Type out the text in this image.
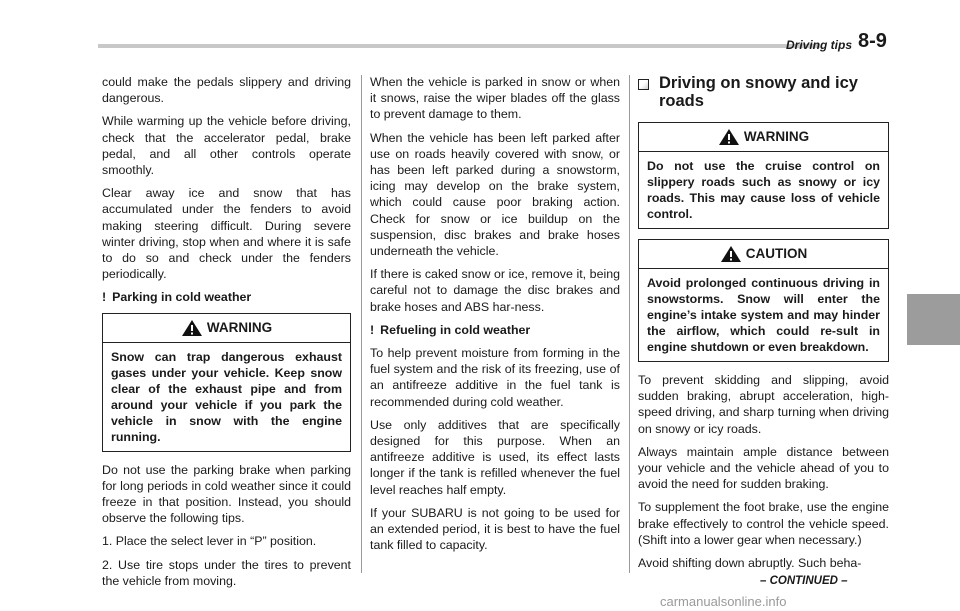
Driving tips 8-9

could make the pedals slippery and driving dangerous.

While warming up the vehicle before driving, check that the accelerator pedal, brake pedal, and all other controls operate smoothly.

Clear away ice and snow that has accumulated under the fenders to avoid making steering difficult. During severe winter driving, stop when and where it is safe to do so and check under the fenders periodically.

! Parking in cold weather
WARNING
Snow can trap dangerous exhaust gases under your vehicle. Keep snow clear of the exhaust pipe and from around your vehicle if you park the vehicle in snow with the engine running.

Do not use the parking brake when parking for long periods in cold weather since it could freeze in that position. Instead, you should observe the following tips.

1. Place the select lever in “P” position.

2. Use tire stops under the tires to prevent the vehicle from moving.

When the vehicle is parked in snow or when it snows, raise the wiper blades off the glass to prevent damage to them.

When the vehicle has been left parked after use on roads heavily covered with snow, or has been left parked during a snowstorm, icing may develop on the brake system, which could cause poor braking action. Check for snow or ice buildup on the suspension, disc brakes and brake hoses underneath the vehicle.

If there is caked snow or ice, remove it, being careful not to damage the disc brakes and brake hoses and ABS har-ness.

! Refueling in cold weather

To help prevent moisture from forming in the fuel system and the risk of its freezing, use of an antifreeze additive in the fuel tank is recommended during cold weather.

Use only additives that are specifically designed for this purpose. When an antifreeze additive is used, its effect lasts longer if the tank is refilled whenever the fuel level reaches half empty.

If your SUBARU is not going to be used for an extended period, it is best to have the fuel tank filled to capacity.

Driving on snowy and icy roads
WARNING
Do not use the cruise control on slippery roads such as snowy or icy roads. This may cause loss of vehicle control.
CAUTION
Avoid prolonged continuous driving in snowstorms. Snow will enter the engine’s intake system and may hinder the airflow, which could re-sult in engine shutdown or even breakdown.

To prevent skidding and slipping, avoid sudden braking, abrupt acceleration, high-speed driving, and sharp turning when driving on snowy or icy roads.

Always maintain ample distance between your vehicle and the vehicle ahead of you to avoid the need for sudden braking.

To supplement the foot brake, use the engine brake effectively to control the vehicle speed. (Shift into a lower gear when necessary.)

Avoid shifting down abruptly. Such beha-

– CONTINUED –
carmanualsonline.info
